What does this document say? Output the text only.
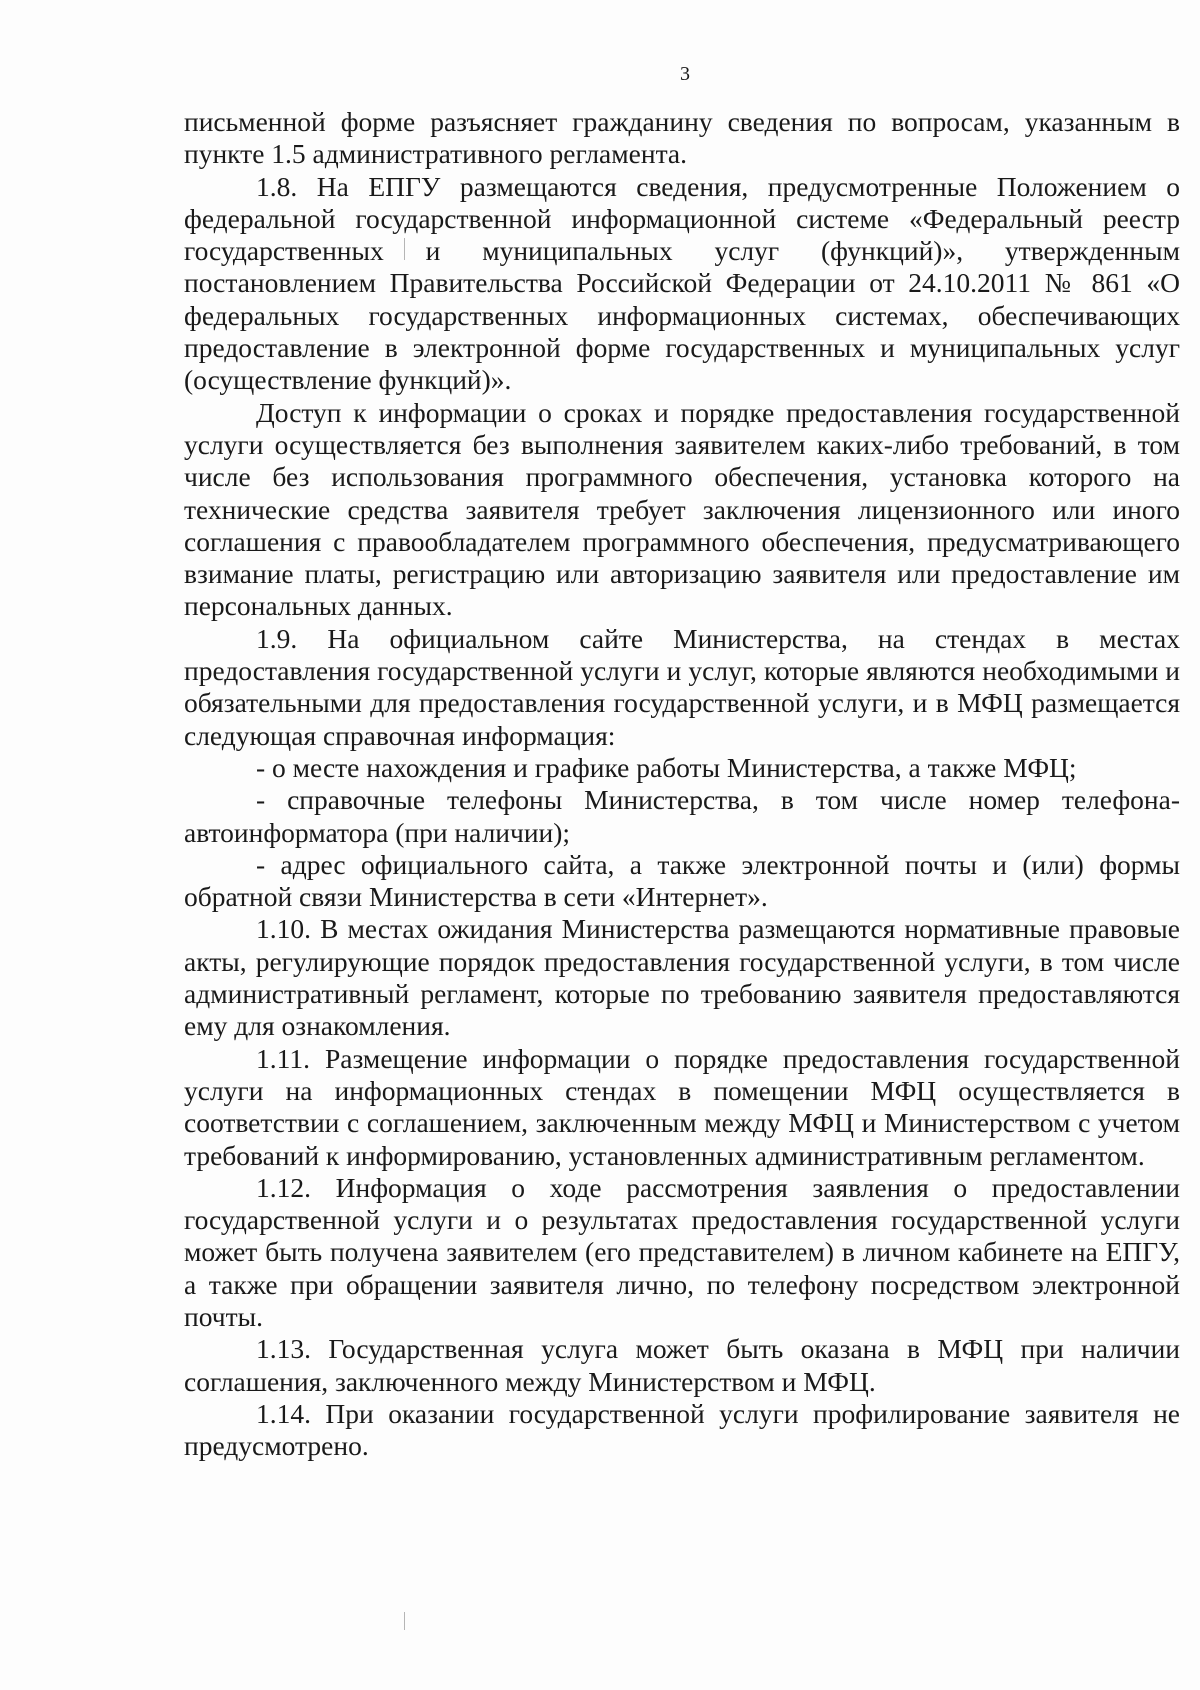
3

письменной форме разъясняет гражданину сведения по вопросам, указанным в пункте 1.5 административного регламента.

1.8. На ЕПГУ размещаются сведения, предусмотренные Положением о федеральной государственной информационной системе «Федеральный реестр государственных и муниципальных услуг (функций)», утвержденным постановлением Правительства Российской Федерации от 24.10.2011 № 861 «О федеральных государственных информационных системах, обеспечивающих предоставление в электронной форме государственных и муниципальных услуг (осуществление функций)».

Доступ к информации о сроках и порядке предоставления государственной услуги осуществляется без выполнения заявителем каких-либо требований, в том числе без использования программного обеспечения, установка которого на технические средства заявителя требует заключения лицензионного или иного соглашения с правообладателем программного обеспечения, предусматривающего взимание платы, регистрацию или авторизацию заявителя или предоставление им персональных данных.

1.9. На официальном сайте Министерства, на стендах в местах предоставления государственной услуги и услуг, которые являются необходимыми и обязательными для предоставления государственной услуги, и в МФЦ размещается следующая справочная информация:

- о месте нахождения и графике работы Министерства, а также МФЦ;

- справочные телефоны Министерства, в том числе номер телефона-автоинформатора (при наличии);

- адрес официального сайта, а также электронной почты и (или) формы обратной связи Министерства в сети «Интернет».

1.10. В местах ожидания Министерства размещаются нормативные правовые акты, регулирующие порядок предоставления государственной услуги, в том числе административный регламент, которые по требованию заявителя предоставляются ему для ознакомления.

1.11. Размещение информации о порядке предоставления государственной услуги на информационных стендах в помещении МФЦ осуществляется в соответствии с соглашением, заключенным между МФЦ и Министерством с учетом требований к информированию, установленных административным регламентом.

1.12. Информация о ходе рассмотрения заявления о предоставлении государственной услуги и о результатах предоставления государственной услуги может быть получена заявителем (его представителем) в личном кабинете на ЕПГУ, а также при обращении заявителя лично, по телефону посредством электронной почты.

1.13. Государственная услуга может быть оказана в МФЦ при наличии соглашения, заключенного между Министерством и МФЦ.

1.14. При оказании государственной услуги профилирование заявителя не предусмотрено.
